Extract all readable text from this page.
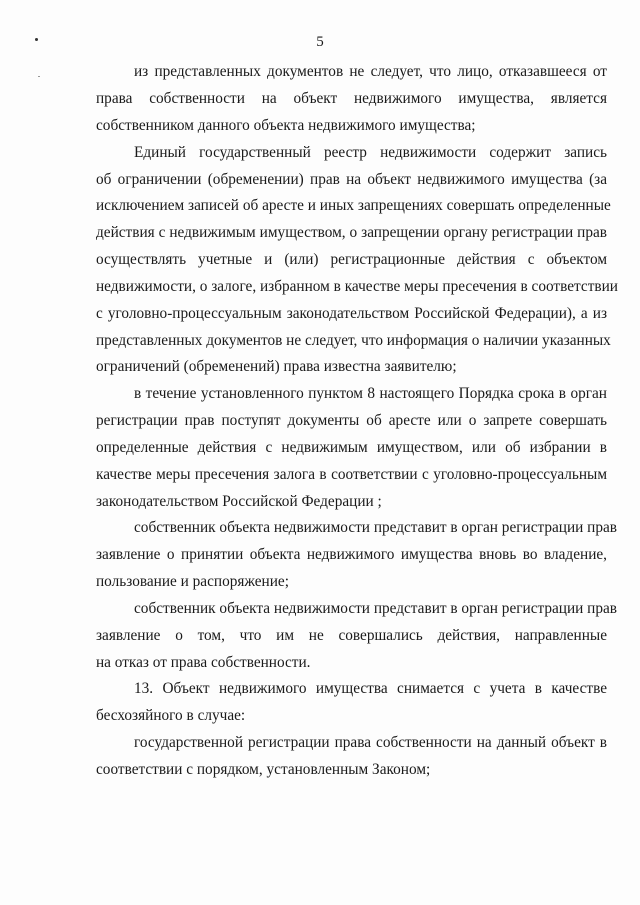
5
из представленных документов не следует, что лицо, отказавшееся от
права собственности на объект недвижимого имущества, является
собственником данного объекта недвижимого имущества;
Единый государственный реестр недвижимости содержит запись
об ограничении (обременении) прав на объект недвижимого имущества (за
исключением записей об аресте и иных запрещениях совершать определенные
действия с недвижимым имуществом, о запрещении органу регистрации прав
осуществлять учетные и (или) регистрационные действия с объектом
недвижимости, о залоге, избранном в качестве меры пресечения в соответствии
с уголовно-процессуальным законодательством Российской Федерации), а из
представленных документов не следует, что информация о наличии указанных
ограничений (обременений) права известна заявителю;
в течение установленного пунктом 8 настоящего Порядка срока в орган
регистрации прав поступят документы об аресте или о запрете совершать
определенные действия с недвижимым имуществом, или об избрании в
качестве меры пресечения залога в соответствии с уголовно-процессуальным
законодательством Российской Федерации ;
собственник объекта недвижимости представит в орган регистрации прав
заявление о принятии объекта недвижимого имущества вновь во владение,
пользование и распоряжение;
собственник объекта недвижимости представит в орган регистрации прав
заявление о том, что им не совершались действия, направленные
на отказ от права собственности.
13. Объект недвижимого имущества снимается с учета в качестве
бесхозяйного в случае:
государственной регистрации права собственности на данный объект в
соответствии с порядком, установленным Законом;
